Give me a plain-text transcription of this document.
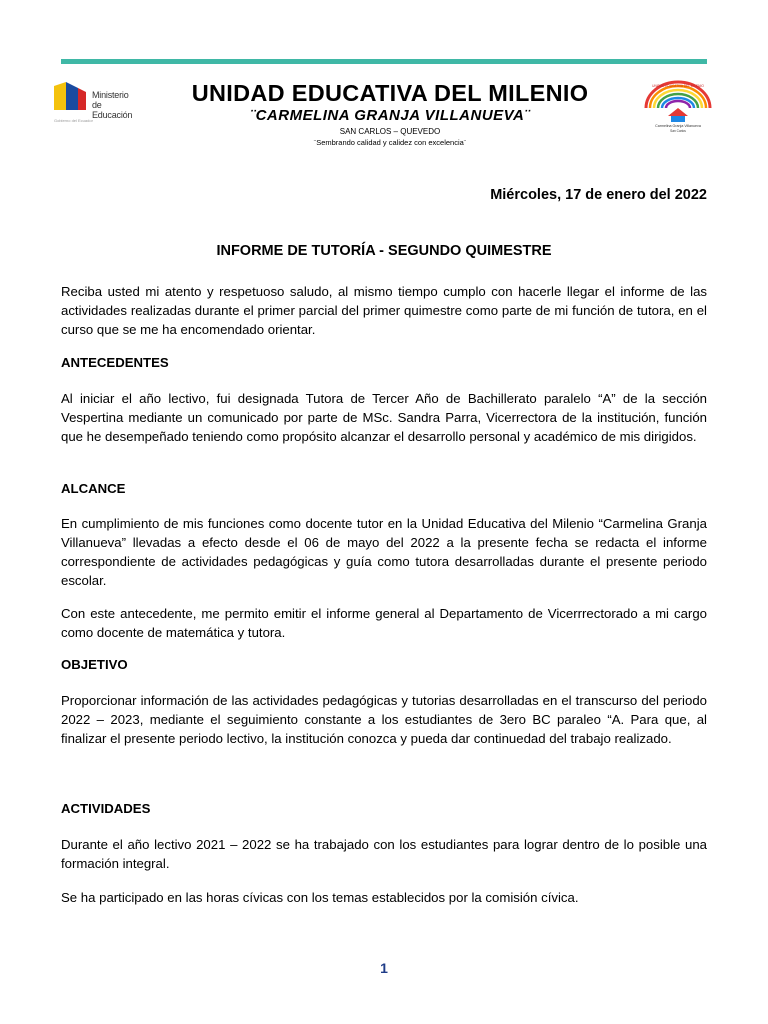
Ministerio
de Educación
Gobierno del Ecuador
UNIDAD EDUCATIVA DEL MILENIO
¨CARMELINA GRANJA VILLANUEVA¨
SAN CARLOS – QUEVEDO
¨Sembrando calidad y calidez con excelencia¨
Carmelina Granja Villanueva
San Carlos
UNIDAD EDUCATIVA DEL MILENIO
Miércoles, 17 de enero del 2022
INFORME DE TUTORÍA - SEGUNDO QUIMESTRE
Reciba usted mi atento y respetuoso saludo, al mismo tiempo cumplo con hacerle llegar el informe de las actividades realizadas durante el primer parcial del primer quimestre como parte de mi función de tutora, en el curso que se me ha encomendado orientar.
ANTECEDENTES
Al iniciar el año lectivo, fui designada Tutora de Tercer Año de Bachillerato paralelo “A” de la sección Vespertina mediante un comunicado por parte de MSc. Sandra Parra, Vicerrectora de la institución, función que he desempeñado teniendo como propósito alcanzar el desarrollo personal y académico de mis dirigidos.
ALCANCE
En cumplimiento de mis funciones como docente tutor en la Unidad Educativa del Milenio “Carmelina Granja Villanueva” llevadas a efecto desde el 06 de mayo del 2022 a la presente fecha se redacta el informe correspondiente de actividades pedagógicas y guía como tutora desarrolladas durante el presente periodo escolar.
Con este antecedente, me permito emitir el informe general al Departamento de Vicerrrectorado a mi cargo como docente de matemática y tutora.
OBJETIVO
Proporcionar información de las actividades pedagógicas y tutorias desarrolladas en el transcurso del periodo 2022 – 2023, mediante el seguimiento constante a los estudiantes de 3ero BC paraleo “A. Para que, al finalizar el presente periodo lectivo, la institución conozca y pueda dar continuedad del trabajo realizado.
ACTIVIDADES
Durante el año lectivo 2021 – 2022 se ha trabajado con los estudiantes para lograr dentro de lo posible una formación integral.
Se ha participado en las horas cívicas con los temas establecidos por la comisión cívica.
1
